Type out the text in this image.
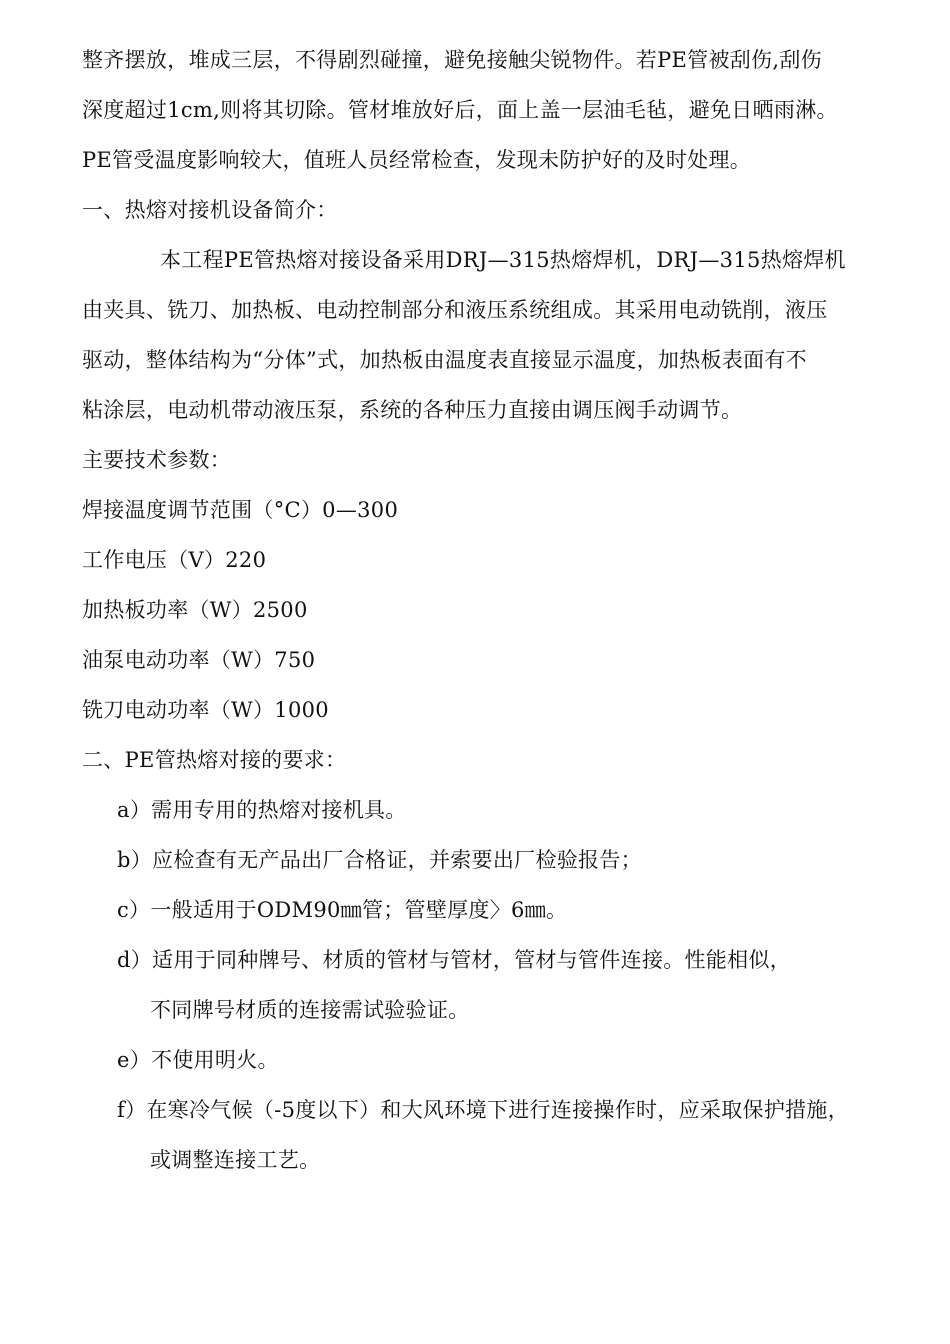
整齐摆放，堆成三层，不得剧烈碰撞，避免接触尖锐物件。若PE管被刮伤,刮伤
深度超过1cm,则将其切除。管材堆放好后，面上盖一层油毛毡，避免日晒雨淋。
PE管受温度影响较大，值班人员经常检查，发现未防护好的及时处理。
一、热熔对接机设备简介：
本工程PE管热熔对接设备采用DRJ—315热熔焊机，DRJ—315热熔焊机
由夹具、铣刀、加热板、电动控制部分和液压系统组成。其采用电动铣削，液压
驱动，整体结构为“分体”式，加热板由温度表直接显示温度，加热板表面有不
粘涂层，电动机带动液压泵，系统的各种压力直接由调压阀手动调节。
主要技术参数：
焊接温度调节范围（°C）0—300
工作电压（V）220
加热板功率（W）2500
油泵电动功率（W）750
铣刀电动功率（W）1000
二、PE管热熔对接的要求：
a）需用专用的热熔对接机具。
b）应检查有无产品出厂合格证，并索要出厂检验报告；
c）一般适用于ODM90㎜管；管壁厚度〉6㎜。
d）适用于同种牌号、材质的管材与管材，管材与管件连接。性能相似，
不同牌号材质的连接需试验验证。
e）不使用明火。
f）在寒冷气候（-5度以下）和大风环境下进行连接操作时，应采取保护措施，
或调整连接工艺。
